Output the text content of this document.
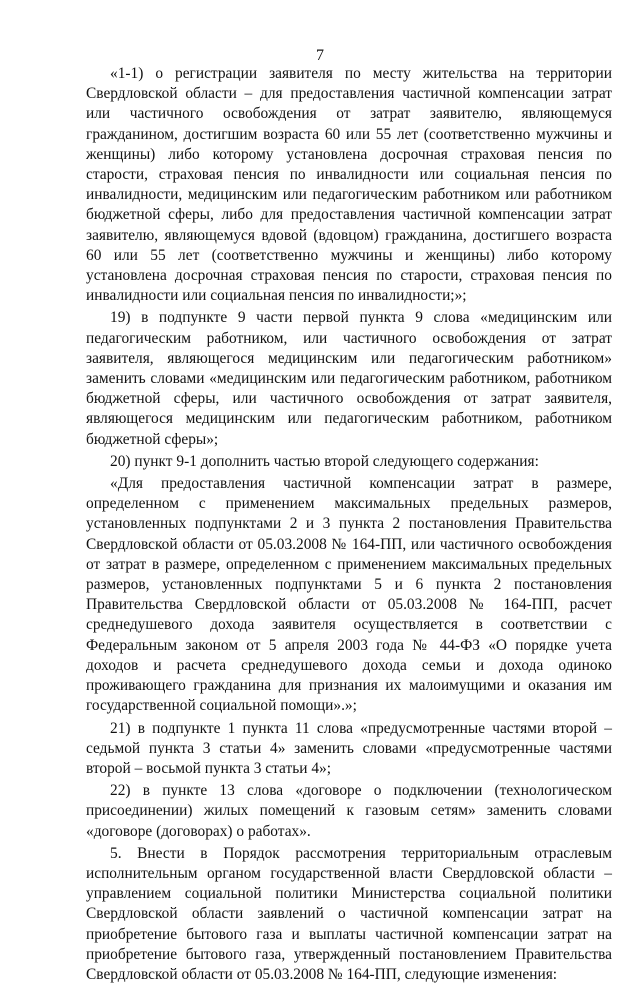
7

«1-1) о регистрации заявителя по месту жительства на территории Свердловской области – для предоставления частичной компенсации затрат или частичного освобождения от затрат заявителю, являющемуся гражданином, достигшим возраста 60 или 55 лет (соответственно мужчины и женщины) либо которому установлена досрочная страховая пенсия по старости, страховая пенсия по инвалидности или социальная пенсия по инвалидности, медицинским или педагогическим работником или работником бюджетной сферы, либо для предоставления частичной компенсации затрат заявителю, являющемуся вдовой (вдовцом) гражданина, достигшего возраста 60 или 55 лет (соответственно мужчины и женщины) либо которому установлена досрочная страховая пенсия по старости, страховая пенсия по инвалидности или социальная пенсия по инвалидности;»;

19) в подпункте 9 части первой пункта 9 слова «медицинским или педагогическим работником, или частичного освобождения от затрат заявителя, являющегося медицинским или педагогическим работником» заменить словами «медицинским или педагогическим работником, работником бюджетной сферы, или частичного освобождения от затрат заявителя, являющегося медицинским или педагогическим работником, работником бюджетной сферы»;

20) пункт 9-1 дополнить частью второй следующего содержания:

«Для предоставления частичной компенсации затрат в размере, определенном с применением максимальных предельных размеров, установленных подпунктами 2 и 3 пункта 2 постановления Правительства Свердловской области от 05.03.2008 № 164-ПП, или частичного освобождения от затрат в размере, определенном с применением максимальных предельных размеров, установленных подпунктами 5 и 6 пункта 2 постановления Правительства Свердловской области от 05.03.2008 № 164-ПП, расчет среднедушевого дохода заявителя осуществляется в соответствии с Федеральным законом от 5 апреля 2003 года № 44-ФЗ «О порядке учета доходов и расчета среднедушевого дохода семьи и дохода одиноко проживающего гражданина для признания их малоимущими и оказания им государственной социальной помощи».»;

21) в подпункте 1 пункта 11 слова «предусмотренные частями второй – седьмой пункта 3 статьи 4» заменить словами «предусмотренные частями второй – восьмой пункта 3 статьи 4»;

22) в пункте 13 слова «договоре о подключении (технологическом присоединении) жилых помещений к газовым сетям» заменить словами «договоре (договорах) о работах».

5. Внести в Порядок рассмотрения территориальным отраслевым исполнительным органом государственной власти Свердловской области – управлением социальной политики Министерства социальной политики Свердловской области заявлений о частичной компенсации затрат на приобретение бытового газа и выплаты частичной компенсации затрат на приобретение бытового газа, утвержденный постановлением Правительства Свердловской области от 05.03.2008 № 164-ПП, следующие изменения:
